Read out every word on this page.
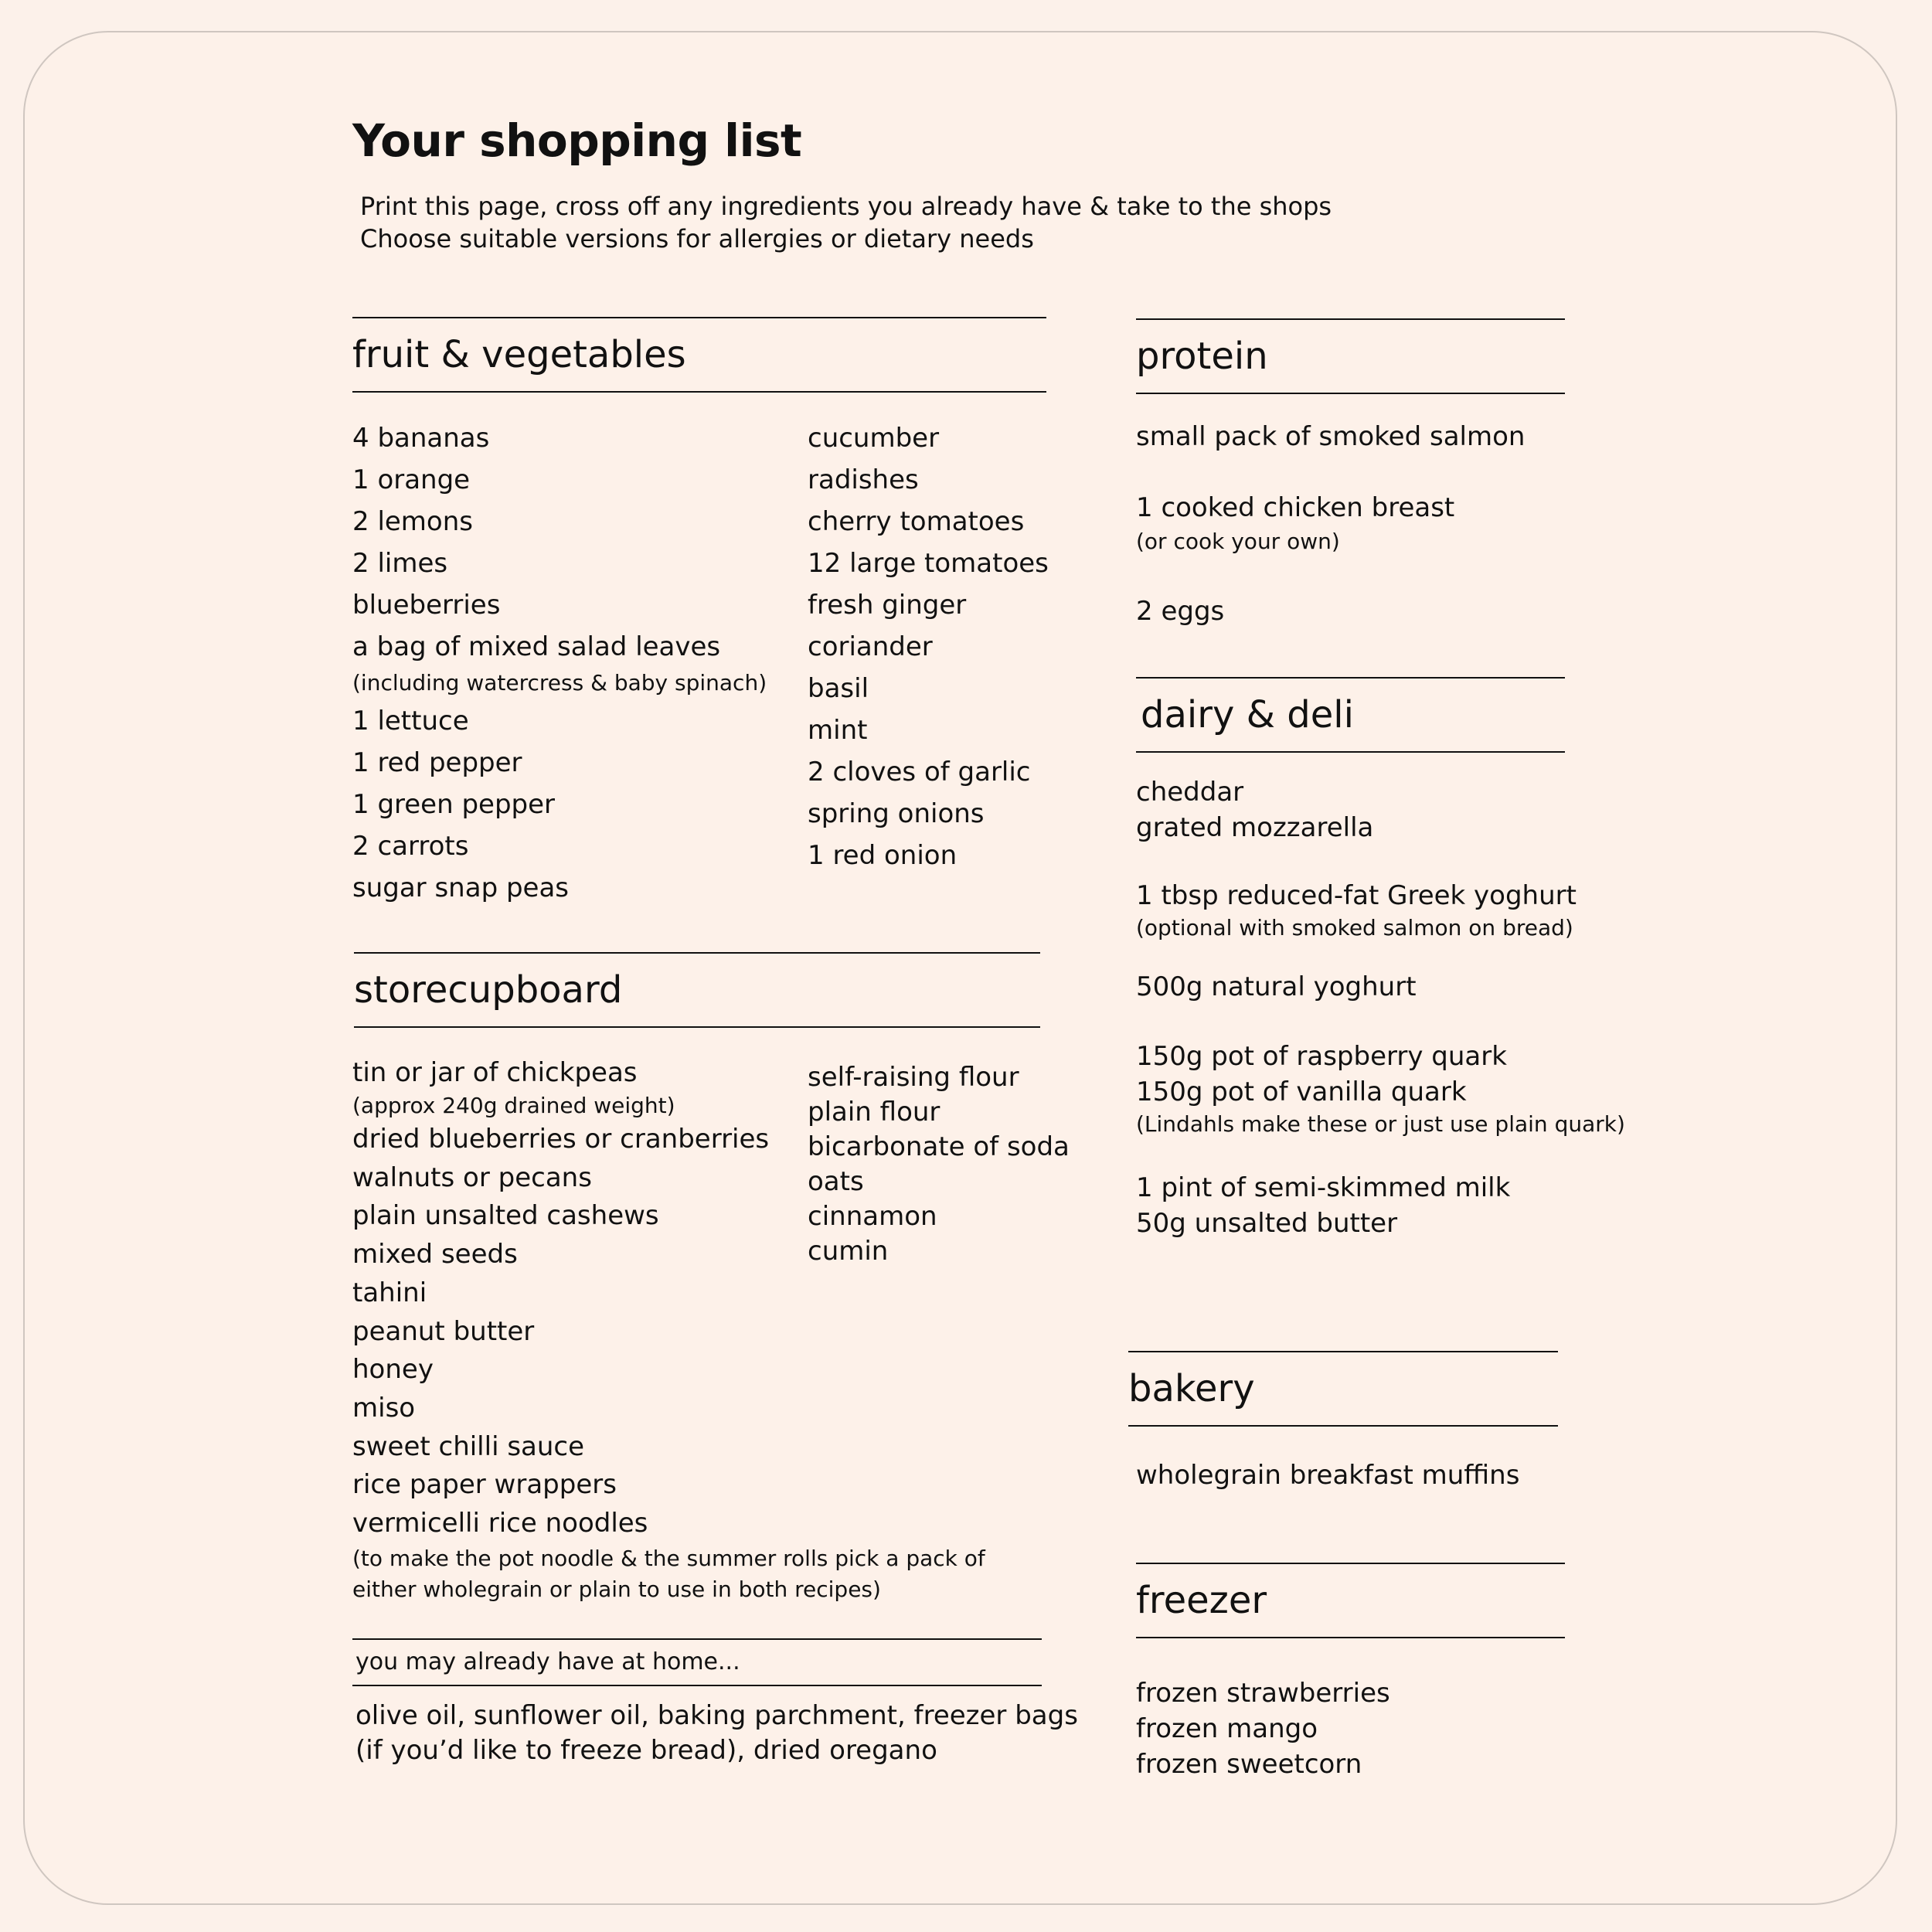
Your shopping list
Print this page, cross off any ingredients you already have & take to the shops
Choose suitable versions for allergies or dietary needs
fruit & vegetables
4 bananas
1 orange
2 lemons
2 limes
blueberries
a bag of mixed salad leaves
(including watercress & baby spinach)
1 lettuce
1 red pepper
1 green pepper
2 carrots
sugar snap peas
cucumber
radishes
cherry tomatoes
12 large tomatoes
fresh ginger
coriander
basil
mint
2 cloves of garlic
spring onions
1 red onion
storecupboard
tin or jar of chickpeas
(approx 240g drained weight)
dried blueberries or cranberries
walnuts or pecans
plain unsalted cashews
mixed seeds
tahini
peanut butter
honey
miso
sweet chilli sauce
rice paper wrappers
vermicelli rice noodles
(to make the pot noodle & the summer rolls pick a pack of
either wholegrain or plain to use in both recipes)
self-raising flour
plain flour
bicarbonate of soda
oats
cinnamon
cumin
you may already have at home...
olive oil, sunflower oil, baking parchment, freezer bags
(if you’d like to freeze bread), dried oregano
protein
small pack of smoked salmon
1 cooked chicken breast
(or cook your own)
2 eggs
dairy & deli
cheddar
grated mozzarella
1 tbsp reduced-fat Greek yoghurt
(optional with smoked salmon on bread)
500g natural yoghurt
150g pot of raspberry quark
150g pot of vanilla quark
(Lindahls make these or just use plain quark)
1 pint of semi-skimmed milk
50g unsalted butter
bakery
wholegrain breakfast muffins
freezer
frozen strawberries
frozen mango
frozen sweetcorn
